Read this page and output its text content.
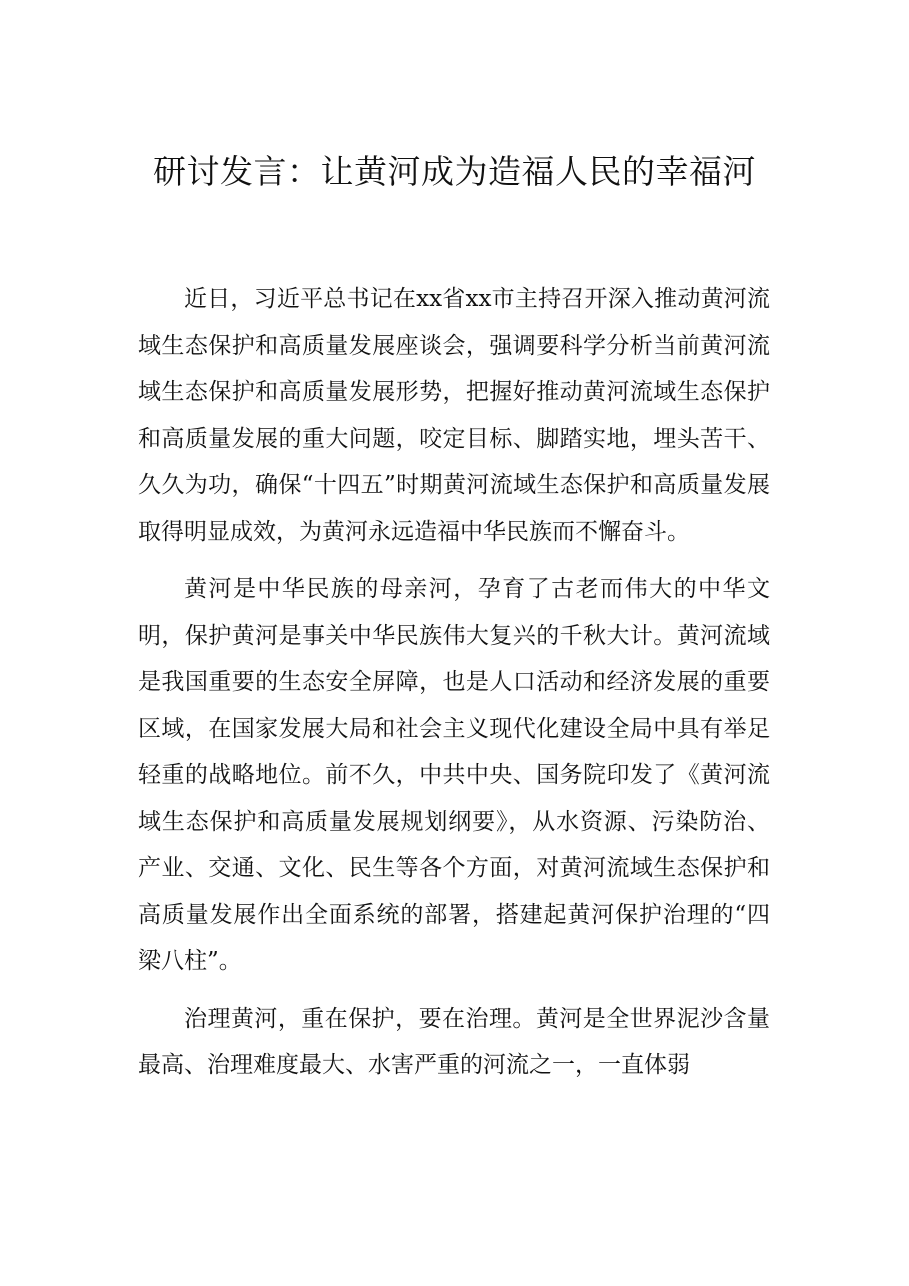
研讨发言：让黄河成为造福人民的幸福河

近日，习近平总书记在xx省xx市主持召开深入推动黄河流域生态保护和高质量发展座谈会，强调要科学分析当前黄河流域生态保护和高质量发展形势，把握好推动黄河流域生态保护和高质量发展的重大问题，咬定目标、脚踏实地，埋头苦干、久久为功，确保“十四五”时期黄河流域生态保护和高质量发展取得明显成效，为黄河永远造福中华民族而不懈奋斗。

黄河是中华民族的母亲河，孕育了古老而伟大的中华文明，保护黄河是事关中华民族伟大复兴的千秋大计。黄河流域是我国重要的生态安全屏障，也是人口活动和经济发展的重要区域，在国家发展大局和社会主义现代化建设全局中具有举足轻重的战略地位。前不久，中共中央、国务院印发了《黄河流域生态保护和高质量发展规划纲要》，从水资源、污染防治、产业、交通、文化、民生等各个方面，对黄河流域生态保护和高质量发展作出全面系统的部署，搭建起黄河保护治理的“四梁八柱”。

治理黄河，重在保护，要在治理。黄河是全世界泥沙含量最高、治理难度最大、水害严重的河流之一，一直体弱
